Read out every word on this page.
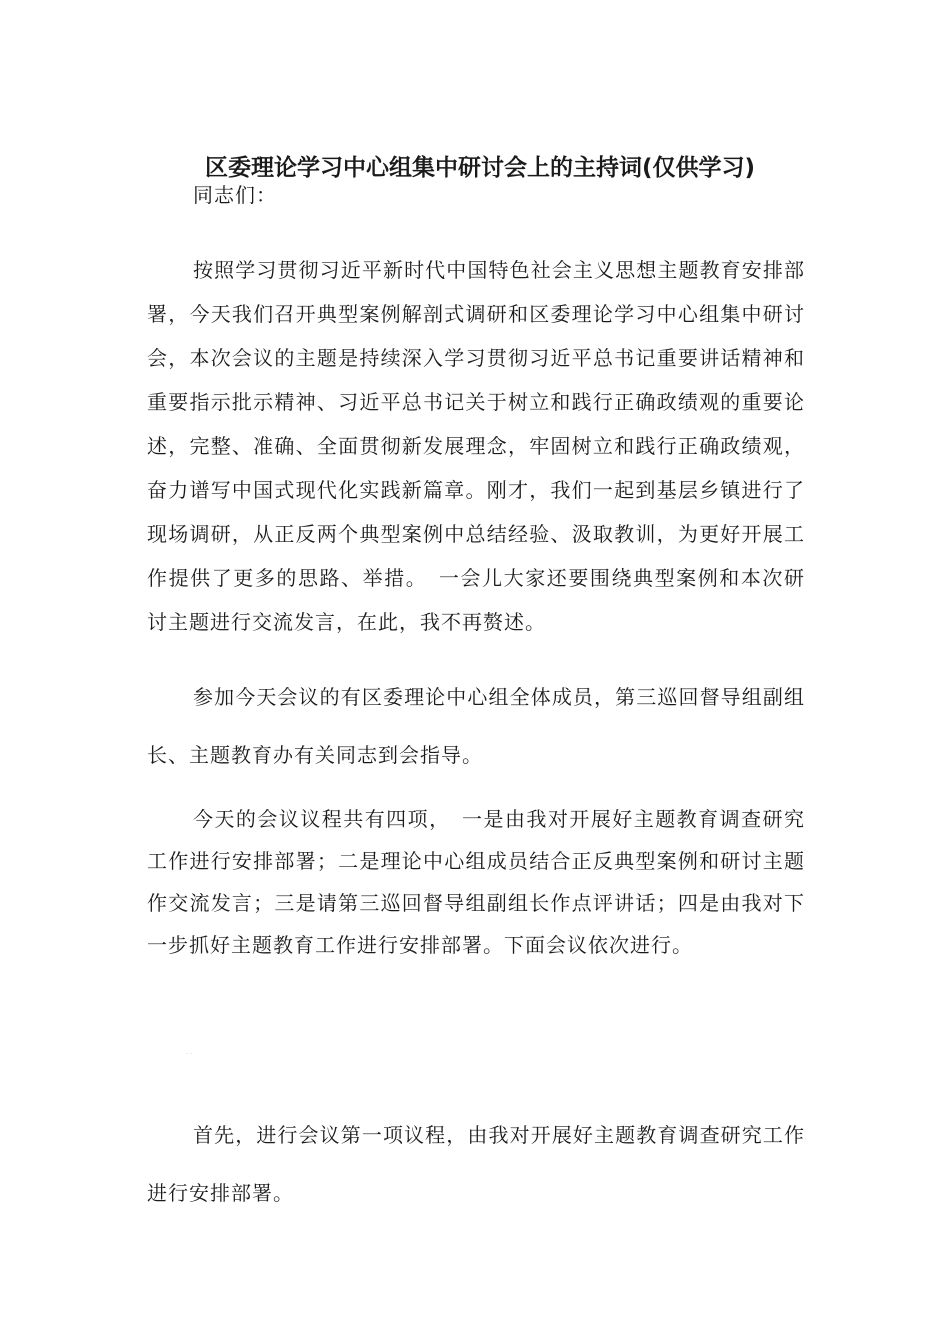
区委理论学习中心组集中研讨会上的主持词(仅供学习)

同志们：

按照学习贯彻习近平新时代中国特色社会主义思想主题教育安排部署，今天我们召开典型案例解剖式调研和区委理论学习中心组集中研讨会，本次会议的主题是持续深入学习贯彻习近平总书记重要讲话精神和重要指示批示精神、习近平总书记关于树立和践行正确政绩观的重要论述，完整、准确、全面贯彻新发展理念，牢固树立和践行正确政绩观，奋力谱写中国式现代化实践新篇章。刚才，我们一起到基层乡镇进行了现场调研，从正反两个典型案例中总结经验、汲取教训，为更好开展工作提供了更多的思路、举措。　一会儿大家还要围绕典型案例和本次研讨主题进行交流发言，在此，我不再赘述。

参加今天会议的有区委理论中心组全体成员，第三巡回督导组副组长、主题教育办有关同志到会指导。

今天的会议议程共有四项，　一是由我对开展好主题教育调查研究工作进行安排部署；二是理论中心组成员结合正反典型案例和研讨主题作交流发言；三是请第三巡回督导组副组长作点评讲话；四是由我对下一步抓好主题教育工作进行安排部署。下面会议依次进行。

· ·

首先，进行会议第一项议程，由我对开展好主题教育调查研究工作进行安排部署。
